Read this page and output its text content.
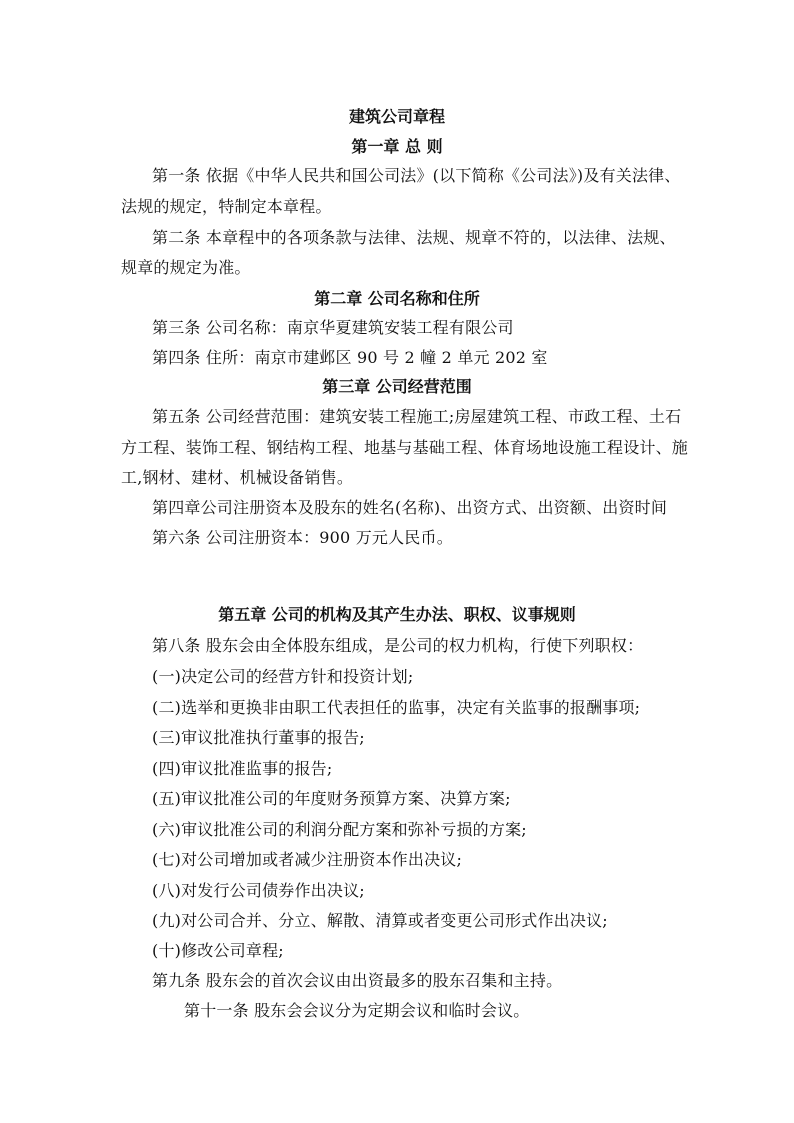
建筑公司章程

第一章 总 则

第一条 依据《中华人民共和国公司法》(以下简称《公司法》)及有关法律、

法规的规定，特制定本章程。

第二条 本章程中的各项条款与法律、法规、规章不符的，以法律、法规、

规章的规定为准。

第二章 公司名称和住所

第三条 公司名称：南京华夏建筑安装工程有限公司

第四条 住所：南京市建邺区 90 号 2 幢 2 单元 202 室

第三章 公司经营范围

第五条 公司经营范围：建筑安装工程施工;房屋建筑工程、市政工程、土石

方工程、装饰工程、钢结构工程、地基与基础工程、体育场地设施工程设计、施

工,钢材、建材、机械设备销售。

第四章公司注册资本及股东的姓名(名称)、出资方式、出资额、出资时间

第六条 公司注册资本：900 万元人民币。

第五章 公司的机构及其产生办法、职权、议事规则

第八条 股东会由全体股东组成，是公司的权力机构，行使下列职权：

(一)决定公司的经营方针和投资计划;

(二)选举和更换非由职工代表担任的监事，决定有关监事的报酬事项;

(三)审议批准执行董事的报告;

(四)审议批准监事的报告;

(五)审议批准公司的年度财务预算方案、决算方案;

(六)审议批准公司的利润分配方案和弥补亏损的方案;

(七)对公司增加或者减少注册资本作出决议;

(八)对发行公司债券作出决议;

(九)对公司合并、分立、解散、清算或者变更公司形式作出决议;

(十)修改公司章程;

第九条 股东会的首次会议由出资最多的股东召集和主持。

第十一条 股东会会议分为定期会议和临时会议。
